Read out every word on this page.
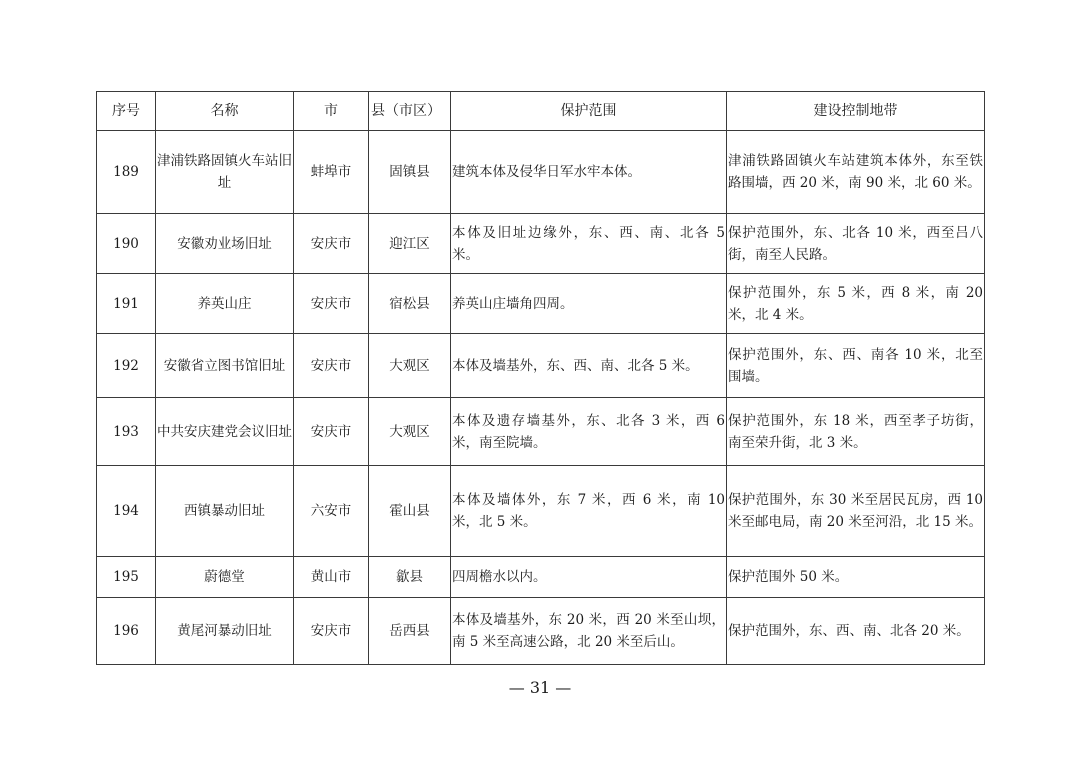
序号	名称	市	县（市区）	保护范围	建设控制地带
189	津浦铁路固镇火车站旧址	蚌埠市	固镇县	建筑本体及侵华日军水牢本体。	津浦铁路固镇火车站建筑本体外，东至铁路围墙，西 20 米，南 90 米，北 60 米。
190	安徽劝业场旧址	安庆市	迎江区	本体及旧址边缘外，东、西、南、北各 5 米。	保护范围外，东、北各 10 米，西至吕八街，南至人民路。
191	养英山庄	安庆市	宿松县	养英山庄墙角四周。	保护范围外，东 5 米，西 8 米，南 20 米，北 4 米。
192	安徽省立图书馆旧址	安庆市	大观区	本体及墙基外，东、西、南、北各 5 米。	保护范围外，东、西、南各 10 米，北至围墙。
193	中共安庆建党会议旧址	安庆市	大观区	本体及遗存墙基外，东、北各 3 米，西 6 米，南至院墙。	保护范围外，东 18 米，西至孝子坊街，南至荣升街，北 3 米。
194	西镇暴动旧址	六安市	霍山县	本体及墙体外，东 7 米，西 6 米，南 10 米，北 5 米。	保护范围外，东 30 米至居民瓦房，西 10 米至邮电局，南 20 米至河沿，北 15 米。
195	蔚德堂	黄山市	歙县	四周檐水以内。	保护范围外 50 米。
196	黄尾河暴动旧址	安庆市	岳西县	本体及墙基外，东 20 米，西 20 米至山坝，南 5 米至高速公路，北 20 米至后山。	保护范围外，东、西、南、北各 20 米。
— 31 —
